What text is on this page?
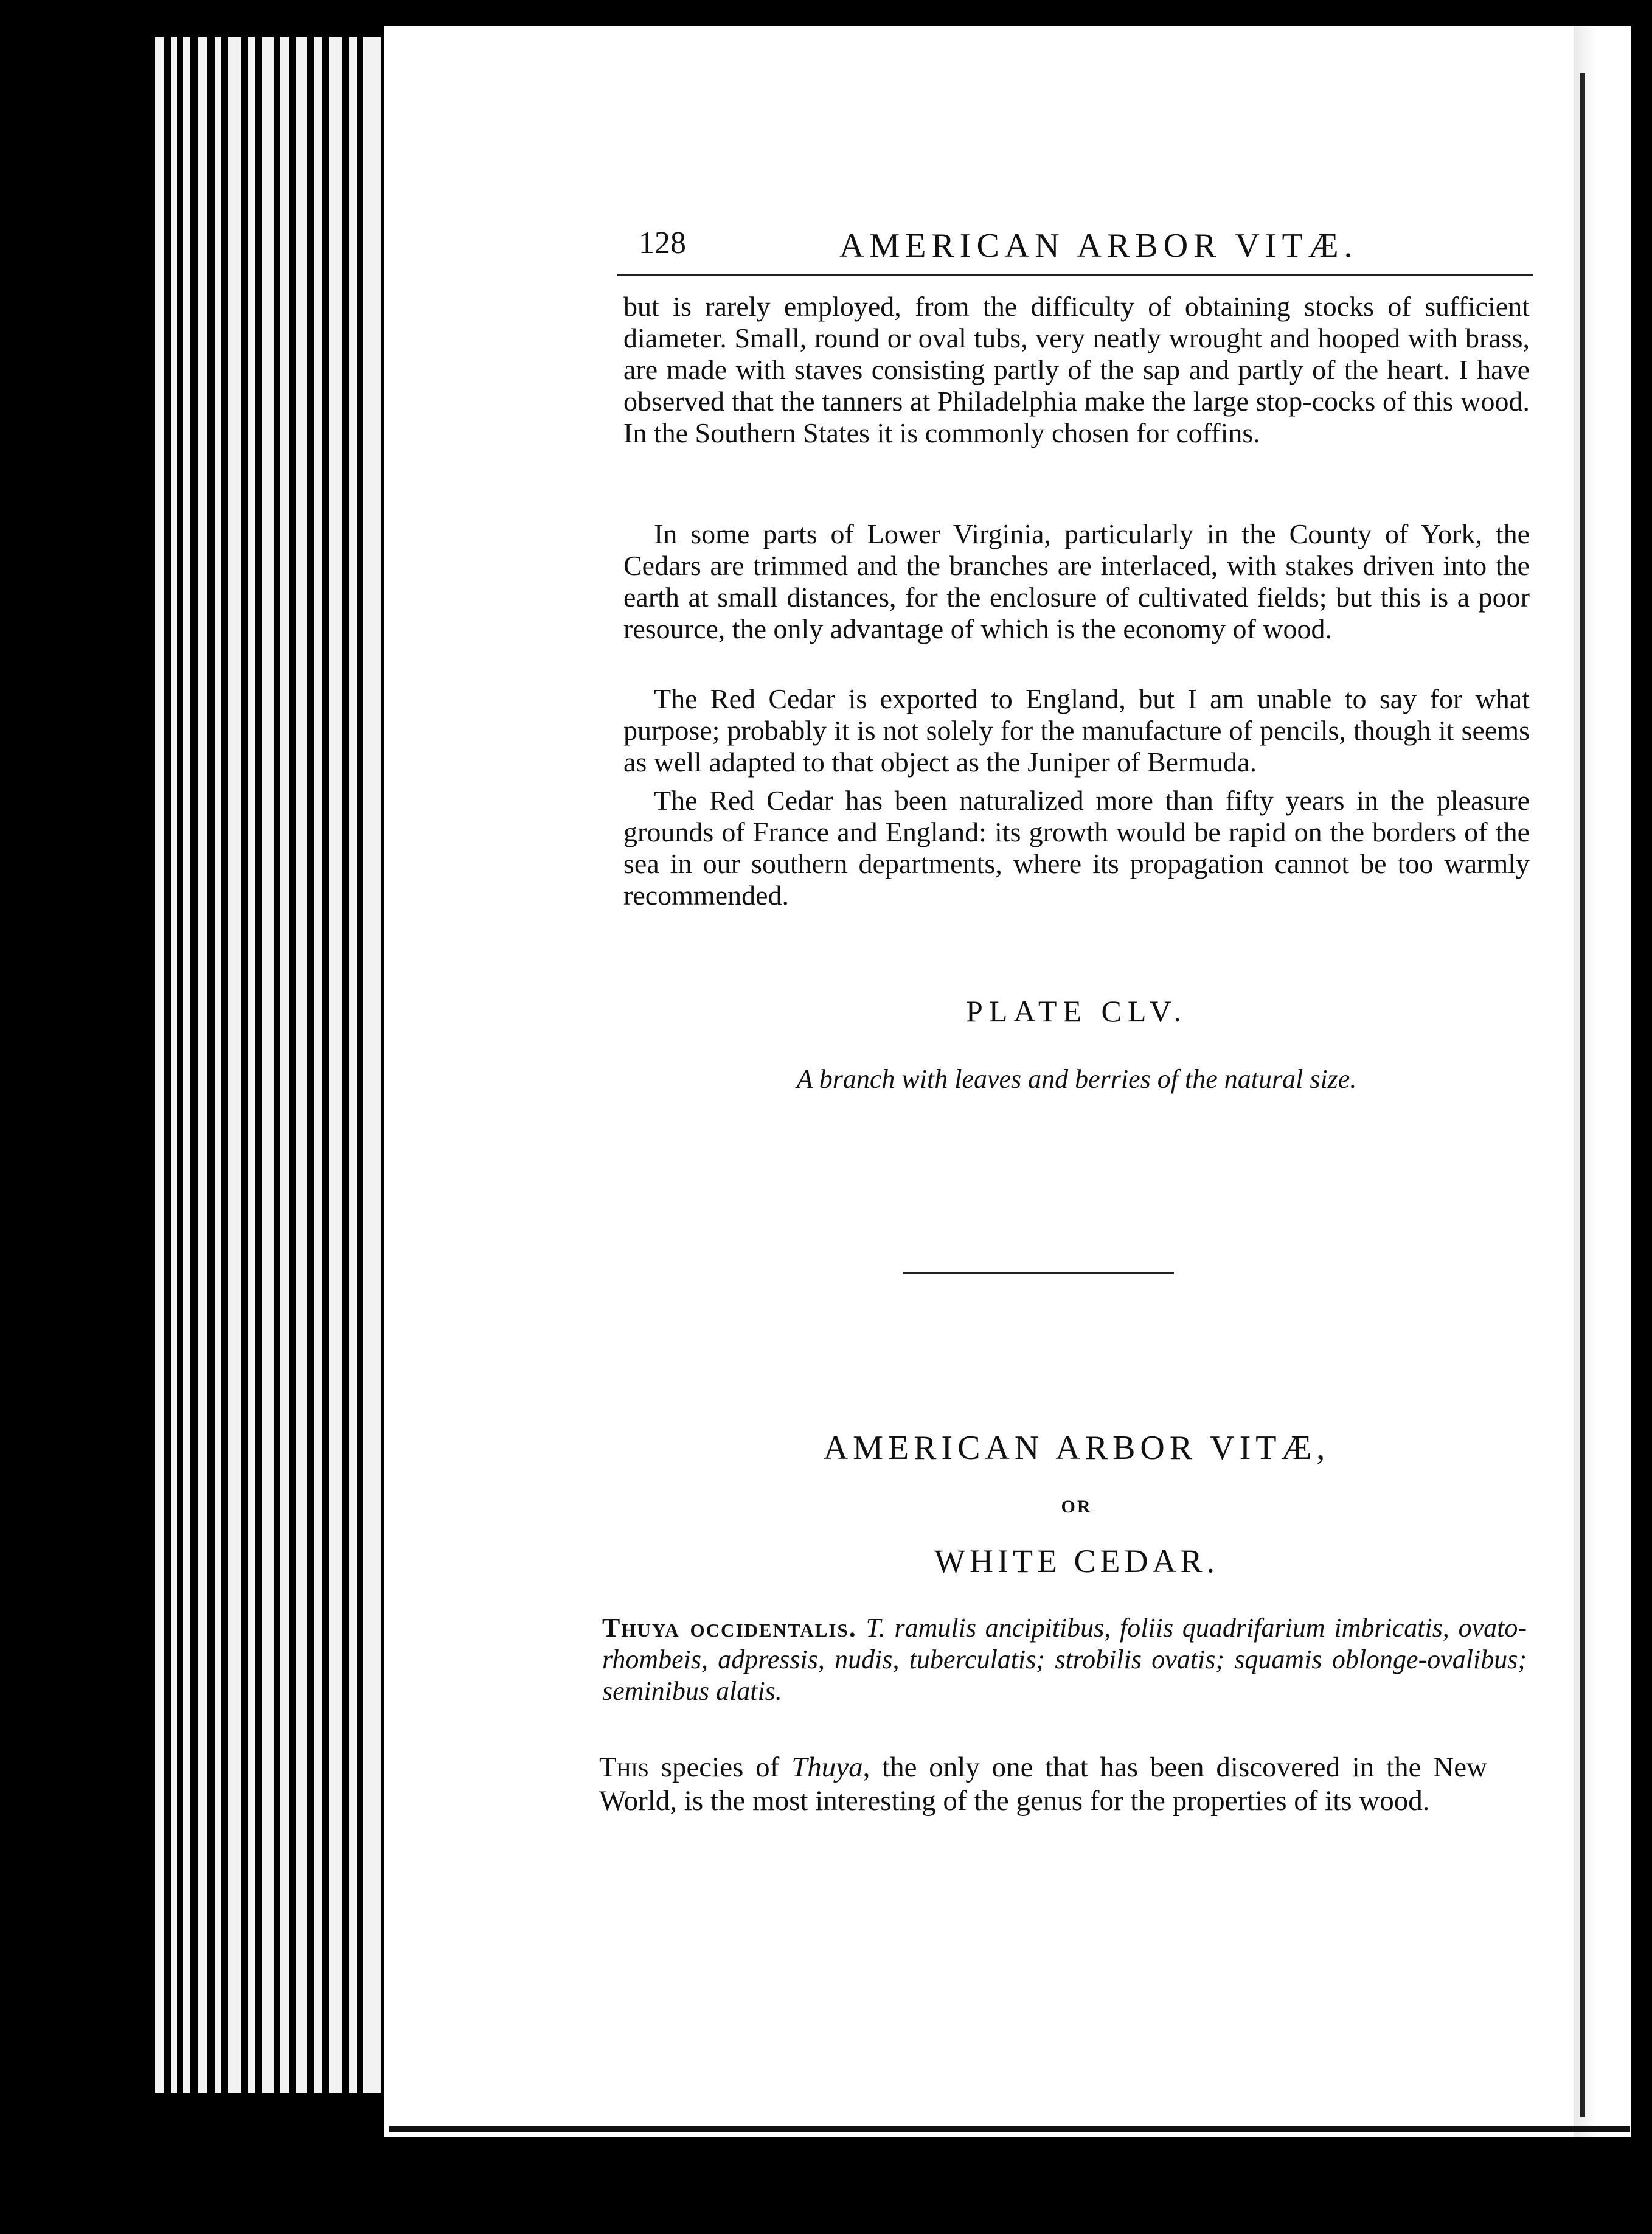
128	AMERICAN ARBOR VITÆ.

but is rarely employed, from the difficulty of obtaining stocks of sufficient diameter. Small, round or oval tubs, very neatly wrought and hooped with brass, are made with staves consisting partly of the sap and partly of the heart. I have observed that the tanners at Philadelphia make the large stop-cocks of this wood. In the Southern States it is commonly chosen for coffins.

In some parts of Lower Virginia, particularly in the County of York, the Cedars are trimmed and the branches are interlaced, with stakes driven into the earth at small distances, for the enclosure of cultivated fields; but this is a poor resource, the only advantage of which is the economy of wood.

The Red Cedar is exported to England, but I am unable to say for what purpose; probably it is not solely for the manufacture of pencils, though it seems as well adapted to that object as the Juniper of Bermuda.

The Red Cedar has been naturalized more than fifty years in the pleasure grounds of France and England: its growth would be rapid on the borders of the sea in our southern departments, where its propagation cannot be too warmly recommended.

PLATE CLV.
A branch with leaves and berries of the natural size.
AMERICAN ARBOR VITÆ,
OR
WHITE CEDAR.
Thuya occidentalis. T. ramulis ancipitibus, foliis quadrifarium imbricatis, ovato-rhombeis, adpressis, nudis, tuberculatis; strobilis ovatis; squamis oblonge-ovalibus; seminibus alatis.
This species of Thuya, the only one that has been discovered in the New World, is the most interesting of the genus for the properties of its wood.
